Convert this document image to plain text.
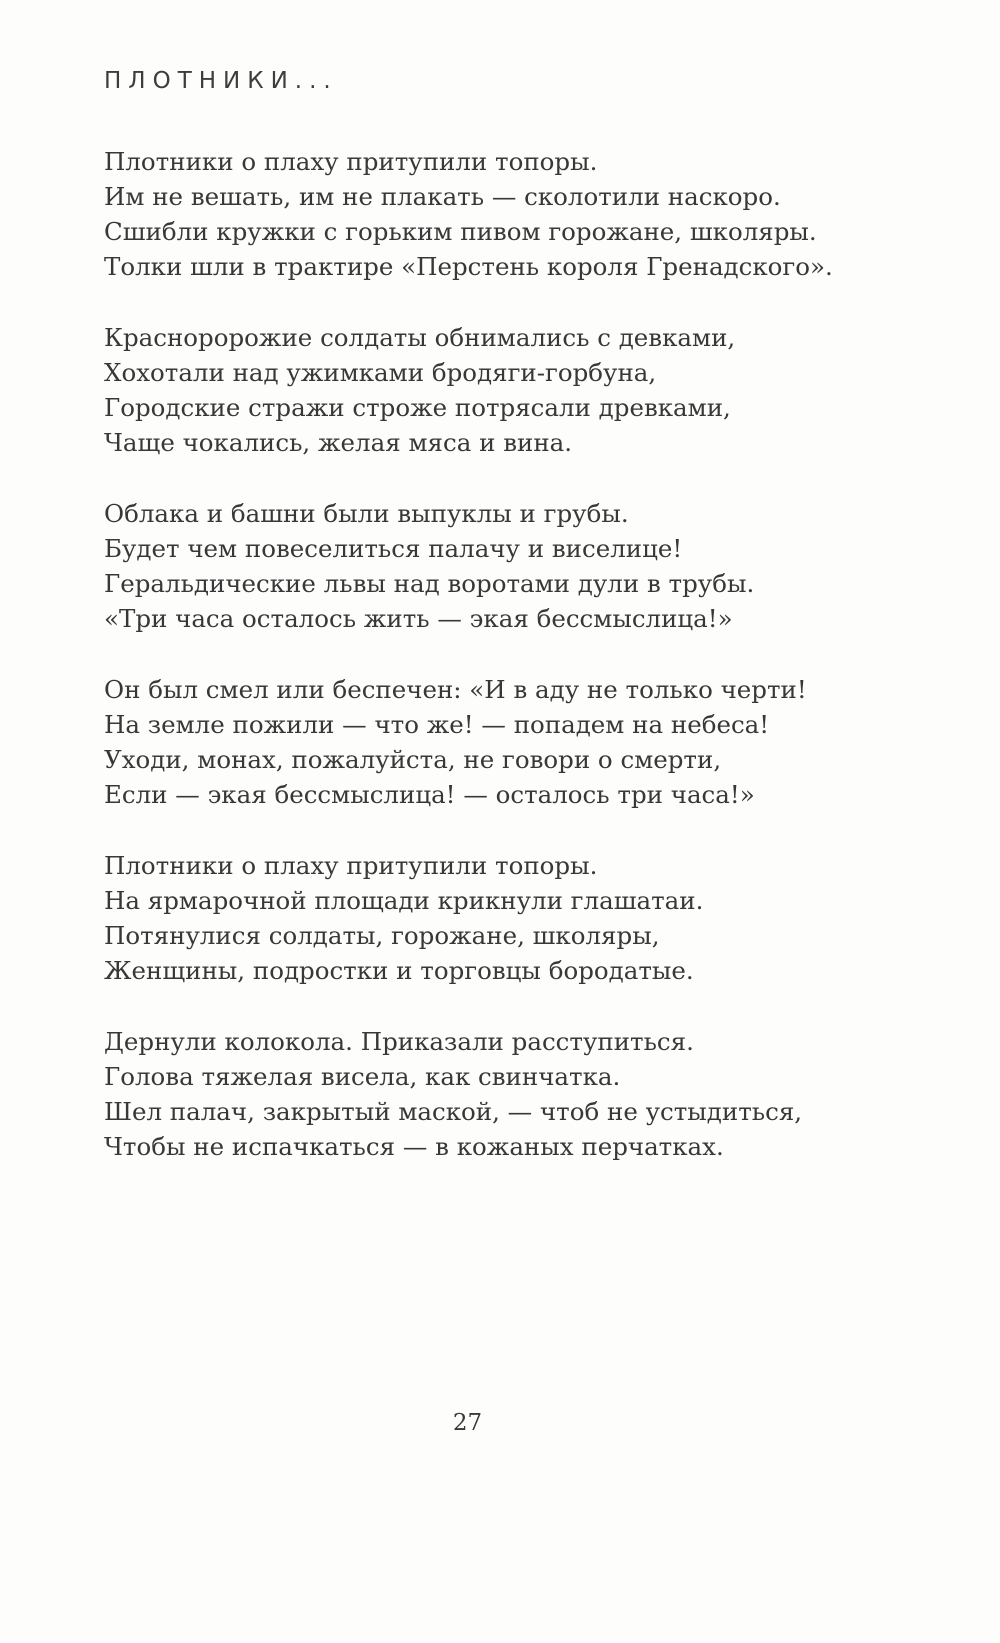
ПЛОТНИКИ...
Плотники о плаху притупили топоры.
Им не вешать, им не плакать — сколотили наскоро.
Сшибли кружки с горьким пивом горожане, школяры.
Толки шли в трактире «Перстень короля Гренадского».
Красноророжие солдаты обнимались с девками,
Хохотали над ужимками бродяги-горбуна,
Городские стражи строже потрясали древками,
Чаще чокались, желая мяса и вина.
Облака и башни были выпуклы и грубы.
Будет чем повеселиться палачу и виселице!
Геральдические львы над воротами дули в трубы.
«Три часа осталось жить — экая бессмыслица!»
Он был смел или беспечен: «И в аду не только черти!
На земле пожили — что же! — попадем на небеса!
Уходи, монах, пожалуйста, не говори о смерти,
Если — экая бессмыслица! — осталось три часа!»
Плотники о плаху притупили топоры.
На ярмарочной площади крикнули глашатаи.
Потянулися солдаты, горожане, школяры,
Женщины, подростки и торговцы бородатые.
Дернули колокола. Приказали расступиться.
Голова тяжелая висела, как свинчатка.
Шел палач, закрытый маской, — чтоб не устыдиться,
Чтобы не испачкаться — в кожаных перчатках.
27
